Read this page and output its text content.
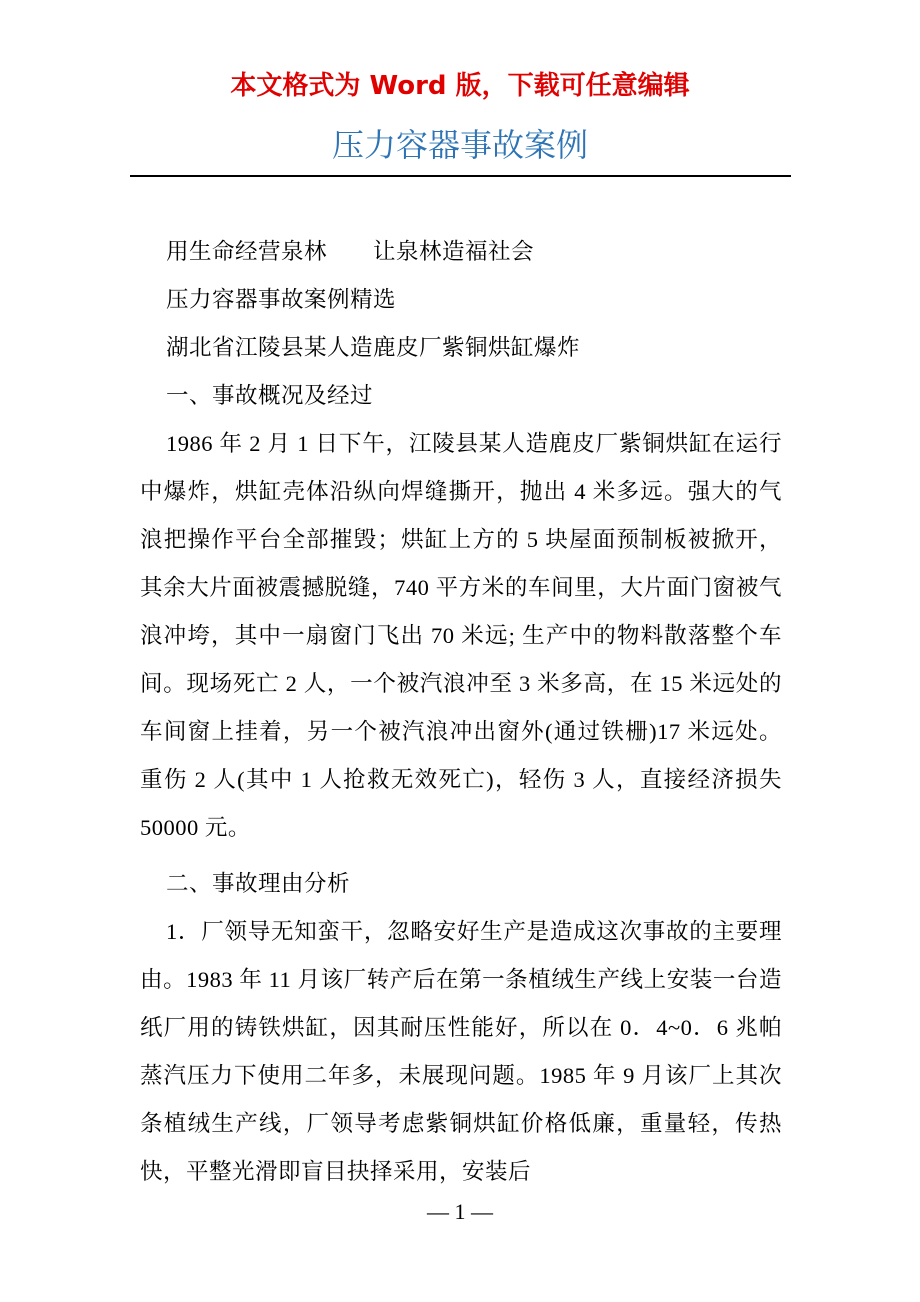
本文格式为 Word 版，下载可任意编辑
压力容器事故案例

用生命经营泉林　　让泉林造福社会

压力容器事故案例精选

湖北省江陵县某人造鹿皮厂紫铜烘缸爆炸

一、事故概况及经过

1986 年 2 月 1 日下午，江陵县某人造鹿皮厂紫铜烘缸在运行中爆炸，烘缸壳体沿纵向焊缝撕开，抛出 4 米多远。强大的气浪把操作平台全部摧毁；烘缸上方的 5 块屋面预制板被掀开，其余大片面被震撼脱缝，740 平方米的车间里，大片面门窗被气浪冲垮，其中一扇窗门飞出 70 米远; 生产中的物料散落整个车间。现场死亡 2 人，一个被汽浪冲至 3 米多高，在 15 米远处的车间窗上挂着，另一个被汽浪冲出窗外(通过铁栅)17 米远处。重伤 2 人(其中 1 人抢救无效死亡)，轻伤 3 人，直接经济损失 50000 元。

二、事故理由分析

1．厂领导无知蛮干，忽略安好生产是造成这次事故的主要理由。1983 年 11 月该厂转产后在第一条植绒生产线上安装一台造纸厂用的铸铁烘缸，因其耐压性能好，所以在 0．4~0．6 兆帕蒸汽压力下使用二年多，未展现问题。1985 年 9 月该厂上其次条植绒生产线，厂领导考虑紫铜烘缸价格低廉，重量轻，传热快，平整光滑即盲目抉择采用，安装后

— 1 —
